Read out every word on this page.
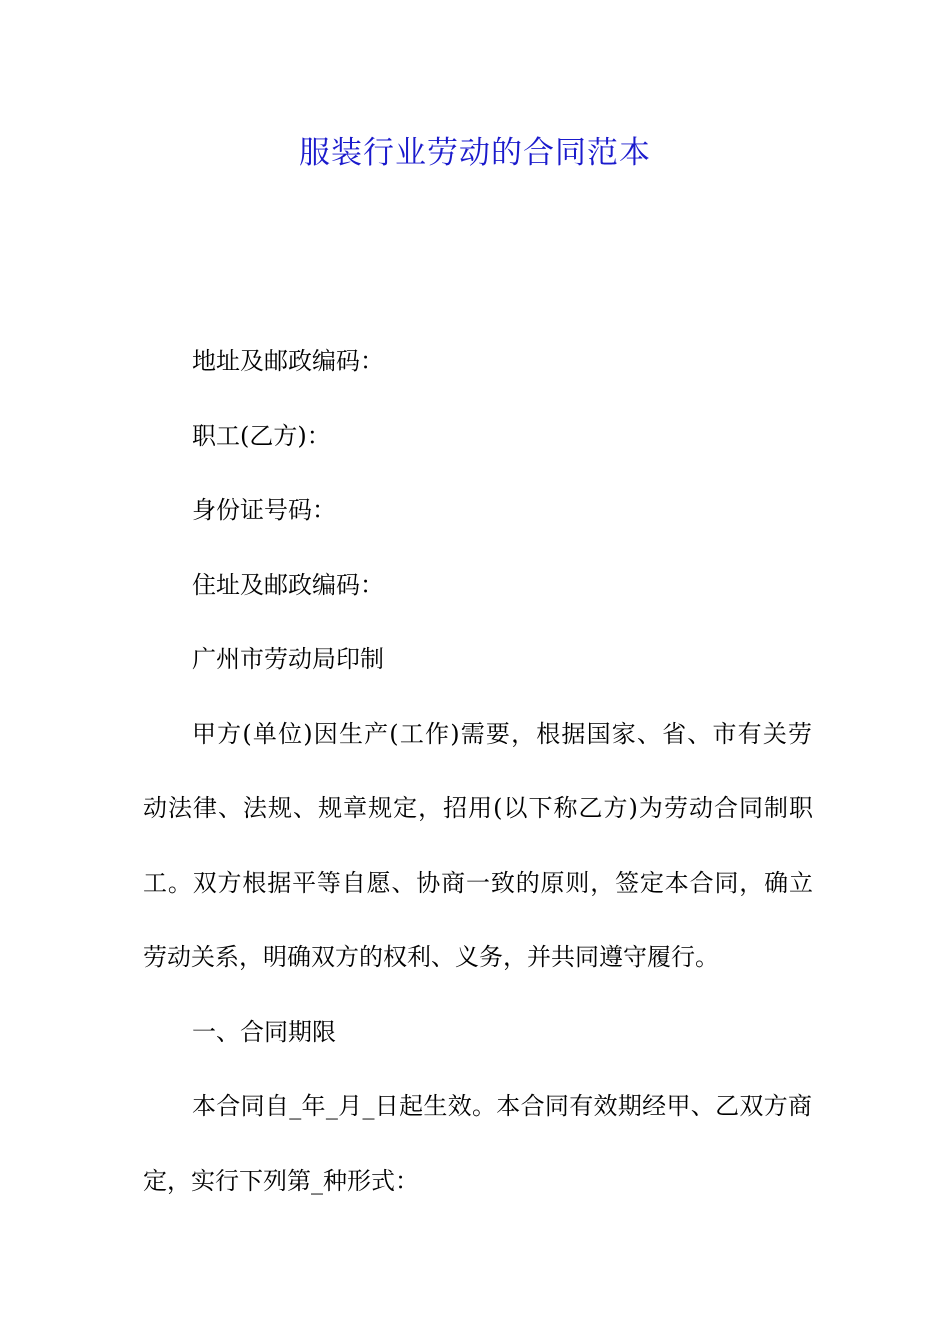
服装行业劳动的合同范本

地址及邮政编码：

职工(乙方)：

身份证号码：

住址及邮政编码：

广州市劳动局印制

甲方(单位)因生产(工作)需要，根据国家、省、市有关劳

动法律、法规、规章规定，招用(以下称乙方)为劳动合同制职

工。双方根据平等自愿、协商一致的原则，签定本合同，确立

劳动关系，明确双方的权利、义务，并共同遵守履行。

一、合同期限

本合同自_年_月_日起生效。本合同有效期经甲、乙双方商

定，实行下列第_种形式：
